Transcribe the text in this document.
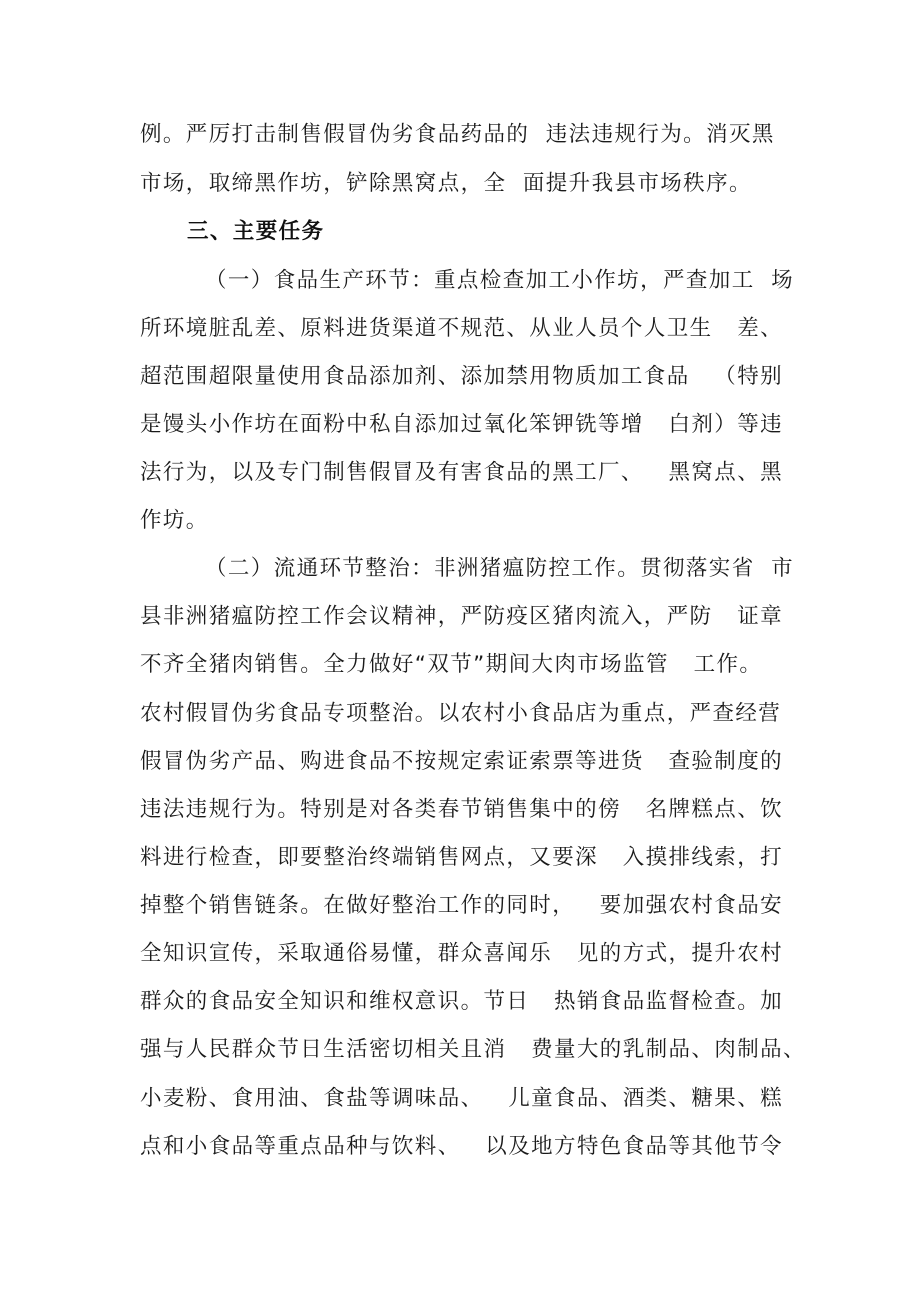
例。严厉打击制售假冒伪劣食品药品的  违法违规行为。消灭黑
市场，取缔黑作坊，铲除黑窝点，全  面提升我县市场秩序。
三、主要任务
（一）食品生产环节：重点检查加工小作坊，严查加工  场
所环境脏乱差、原料进货渠道不规范、从业人员个人卫生   差、
超范围超限量使用食品添加剂、添加禁用物质加工食品   （特别
是馒头小作坊在面粉中私自添加过氧化笨钾铣等增   白剂）等违
法行为，以及专门制售假冒及有害食品的黑工厂、   黑窝点、黑
作坊。
（二）流通环节整治：非洲猪瘟防控工作。贯彻落实省  市
县非洲猪瘟防控工作会议精神，严防疫区猪肉流入，严防   证章
不齐全猪肉销售。全力做好“双节”期间大肉市场监管   工作。
农村假冒伪劣食品专项整治。以农村小食品店为重点，严查经营
假冒伪劣产品、购进食品不按规定索证索票等进货   查验制度的
违法违规行为。特别是对各类春节销售集中的傍   名牌糕点、饮
料进行检查，即要整治终端销售网点，又要深   入摸排线索，打
掉整个销售链条。在做好整治工作的同时，   要加强农村食品安
全知识宣传，采取通俗易懂，群众喜闻乐   见的方式，提升农村
群众的食品安全知识和维权意识。节日   热销食品监督检查。加
强与人民群众节日生活密切相关且消   费量大的乳制品、肉制品、
小麦粉、食用油、食盐等调味品、   儿童食品、酒类、糖果、糕
点和小食品等重点品种与饮料、   以及地方特色食品等其他节令
